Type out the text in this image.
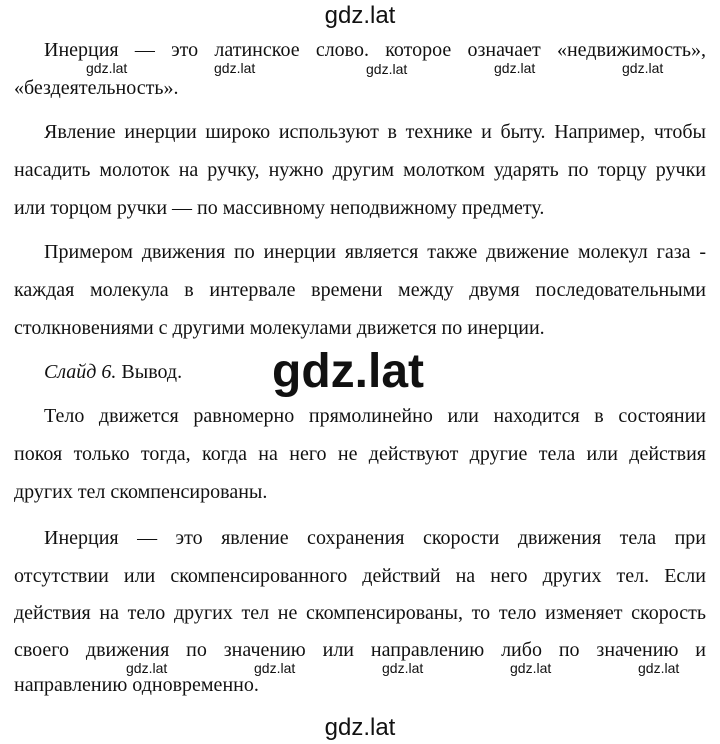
gdz.lat
gdz.lat	gdz.lat	gdz.lat	gdz.lat	gdz.lat
gdz.lat
gdz.lat	gdz.lat	gdz.lat	gdz.lat	gdz.lat
gdz.lat
Инерция — это латинское слово. которое означает «недвижимость»,
«бездеятельность».
Явление инерции широко используют в технике и быту. Например, чтобы
насадить молоток на ручку, нужно другим молотком ударять по торцу ручки
или торцом ручки — по массивному неподвижному предмету.
Примером движения по инерции является также движение молекул газа -
каждая молекула в интервале времени между двумя последовательными
столкновениями с другими молекулами движется по инерции.
Слайд 6. Вывод.
Тело движется равномерно прямолинейно или находится в состоянии
покоя только тогда, когда на него не действуют другие тела или действия
других тел скомпенсированы.
Инерция — это явление сохранения скорости движения тела при
отсутствии или скомпенсированного действий на него других тел. Если
действия на тело других тел не скомпенсированы, то тело изменяет скорость
своего движения по значению или направлению либо по значению и
направлению одновременно.
